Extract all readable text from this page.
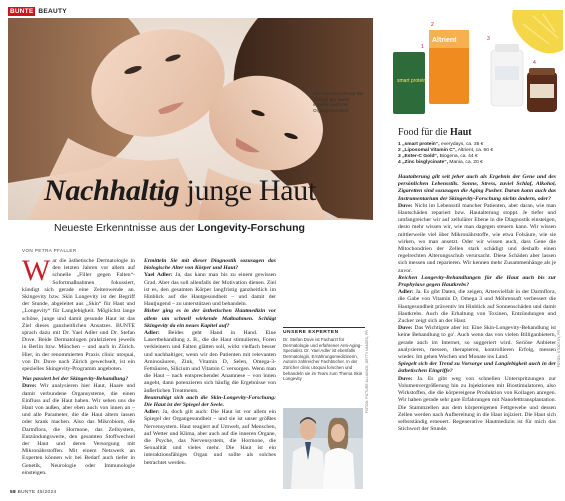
BUNTE BEAUTY
Die Haut ist nicht nur der Spiegel der Seele, sondern auch der Organgesundheit
Nachhaltig junge Haut
Neueste Erkenntnisse aus der Longevity-Forschung
VON PETRA PFALLER

War die ästhetische Dermatologie in den letzten Jahren vor allem auf schnelle „Filler gegen Falten“-Sofortmaßnahmen fokussiert, kündigt sich gerade eine Zeitenwende an. Skingevity bzw. Skin Longevity ist der Begriff der Stunde, abgeleitet aus „Skin“ für Haut und „Longevity“ für Langlebigkeit. Möglichst lange schöne, junge und damit gesunde Haut ist das Ziel dieses ganzheitlichen Ansatzes. BUNTE sprach dazu mit Dr. Yael Adler und Dr. Stefan Duve. Beide Dermatologen praktizieren jeweils in Berlin bzw. München – und auch in Zürich. Hier, in der renommierten Praxis clinic utoquai, von Dr. Duve nach Zürich gewechselt, ist ein spezielles Skingevity-Programm angeboten.

Was passiert bei der Skingevity-Behandlung?

Duve: Wir analysieren hier Haut, Haare und damit verbundene Organsysteme, die einen Einfluss auf die Haut haben. Wir sehen uns die Haut von außen, aber eben auch von innen an – und alle Parameter, die die Haut altern lassen oder krank machen. Also das Mikrobiom, die Darmflora, die Hormone, das Zellsystem, Entzündungswerte, den gesamten Stoffwechsel der Haut und deren Versorgung mit Mikronährstoffen. Mit einem Netzwerk an Experten können wir bei Bedarf auch tiefer in Genetik, Neurologie oder Immunologie einsteigen.

Ermitteln Sie mit dieser Diagnostik sozusagen das biologische Alter von Körper und Haut?

Yael Adler: Ja, das kann man bis zu einem gewissen Grad. Aber das soll allenfalls der Motivation dienen. Ziel ist es, den gesamten Körper langfristig ganzheitlich im Hinblick auf die Hautgesundheit – und damit der Hautjugend – zu unterstützen und behandeln.

Bisher ging es in der ästhetischen Hautmedizin vor allem um schnell wirkende Maßnahmen. Schlägt Skingevity da ein neues Kapitel auf?

Adler: Beides geht Hand in Hand. Eine Lasertbehandlung z. B., die die Haut stimulieren, Foren verkleinern und Falten glätten soll, wirkt vielfach besser und nachhaltiger, wenn wir den Patienten mit relevanten Aminosäuren, Zink, Vitamin D, Selen, Omega-3-Fettsäuren, Silicium und Vitamin C versorgen. Wenn man die Haut – nach entsprechender Anamnese – von innen angeht, dann potenzieren sich häufig die Ergebnisse von äußerlichen Treatments.

Beunruhigt sich auch die Skin-Longevity-Forschung: Die Haut ist der Spiegel der Seele.

Adler: Ja, doch gilt auch: Die Haut ist vor allem ein Spiegel der Organgesundheit – und sie ist unser größtes Nervensystem. Haut reagiert auf Umwelt, auf Menschen, auf Wetter und Klima, aber auch auf die inneren Organe, die Psyche, das Nervensystem, die Hormone, die Sexualität und vieles mehr. Die Haut ist ein interaktionsfähiges Organ und sollte als solches betrachtet werden.

UNSERE EXPERTEN
Dr. Stefan Duve ist Facharzt für Dermatologie und erfahrener Anti-Aging-Spezialist. Dr. Yael Adler ist ebenfalls Dermatologin, Ernährungsmedizinerin, Autorin zahlreicher Fachbücher. In der Züricher clinic utoquai forschen und behandeln sie im Team zum Thema Skin Longevity	FOTOS: PICTURE ALLIANCE, GETTY IMAGES, PR
smart protein
Altrient
1
2
3
4
Food für die Haut
1 „smart protein“, everydays, ca. 35 €
2 „Liposomal Vitamin C“, Altrient, ca. 60 €
3 „Ester-C Gold“, Biogena, ca. 44 €
4 „Zinc bisglycinate“, Mania, ca. 20 €

Hautalterung gilt seit jeher auch als Ergebnis der Gene und des persönlichen Lebensstils. Sonne, Stress, zuviel Schlaf, Alkohol, Zigaretten sind sozusagen die Aging Pusher. Daran kann auch das Instrumentarium der Skingevity-Forschung nichts ändern, oder?

Duve: Nicht im Lebensstil mancher Patienten, aber daran, wie man Hautschäden repariert bzw. Hautalterung stoppt. Je tiefer und umfangreicher wir auf zellulärer Ebene in die Diagnostik einsteigen, desto mehr wissen wir, wie man dagegen steuern kann. Wir wissen mittlerweile viel über Mikronährstoffe, wie etwa Folsäure, wie sie wirken, wo man ansetzt. Oder wir wissen auch, dass Gene die Mitochondrien der Zellen stark schädigt und deshalb einen regelrechten Alterungsschub verursacht. Diese Schäden aber lassen sich messen und reparieren. Wir kennen mehr Zusammenhänge als je zuvor.

Reichen Longevity-Behandlungen für die Haut auch bis zur Prophylaxe gegen Hautkrebs?

Adler: Ja. Es gibt Daten, die zeigen, Artenvielfalt in der Darmflora, die Gabe von Vitamin D, Omega 3 und Möhrensaft verbessert die Hautgesundheit präventiv im Hinblick auf Sonnenschäden und damit Hautkrebs. Auch die Erhaltung von Toxinen, Entzündungen und Zucker zeigt sich an der Haut.

Duve: Das Wichtigste aber ist: Eine Skin-Longevity-Behandlung ist keine Behandlung to go'. Auch wenn das von vielen Billiganbietern, gerade auch im Internet, so suggeriert wird. Seriöse Anbieter analysieren, messen, therapieren, kontrollieren Erfolg, messen wieder. Im gehen Wochen und Monate ins Land.

Spiegelt sich der Trend zu Vorsorge und Langlebigkeit auch in der ästhetischen Eingriffe?

Duve: Ja. Es gibt weg von schnellen Unterspritzungen zur Volumenvergrößerung hin zu Injektionen mit Biostimulatoren, also Wirkstoffen, die die körpereigene Produktion von Kollagen anregen. Wir haben gerade sehr gute Erfahrungen mit Nanofetttransplantation. Die Stammzellen aus dem körpereigenen Fettgewebe und dessen Zellen werden nach Aufbereitung in die Haut injiziert. Die Haut sich selbstständig erneuert. Regenerative Hautmedizin ist für mich das Stichwort der Stunde.

FOTOS: STOCKSY, PR
58 BUNTE 45/2024
